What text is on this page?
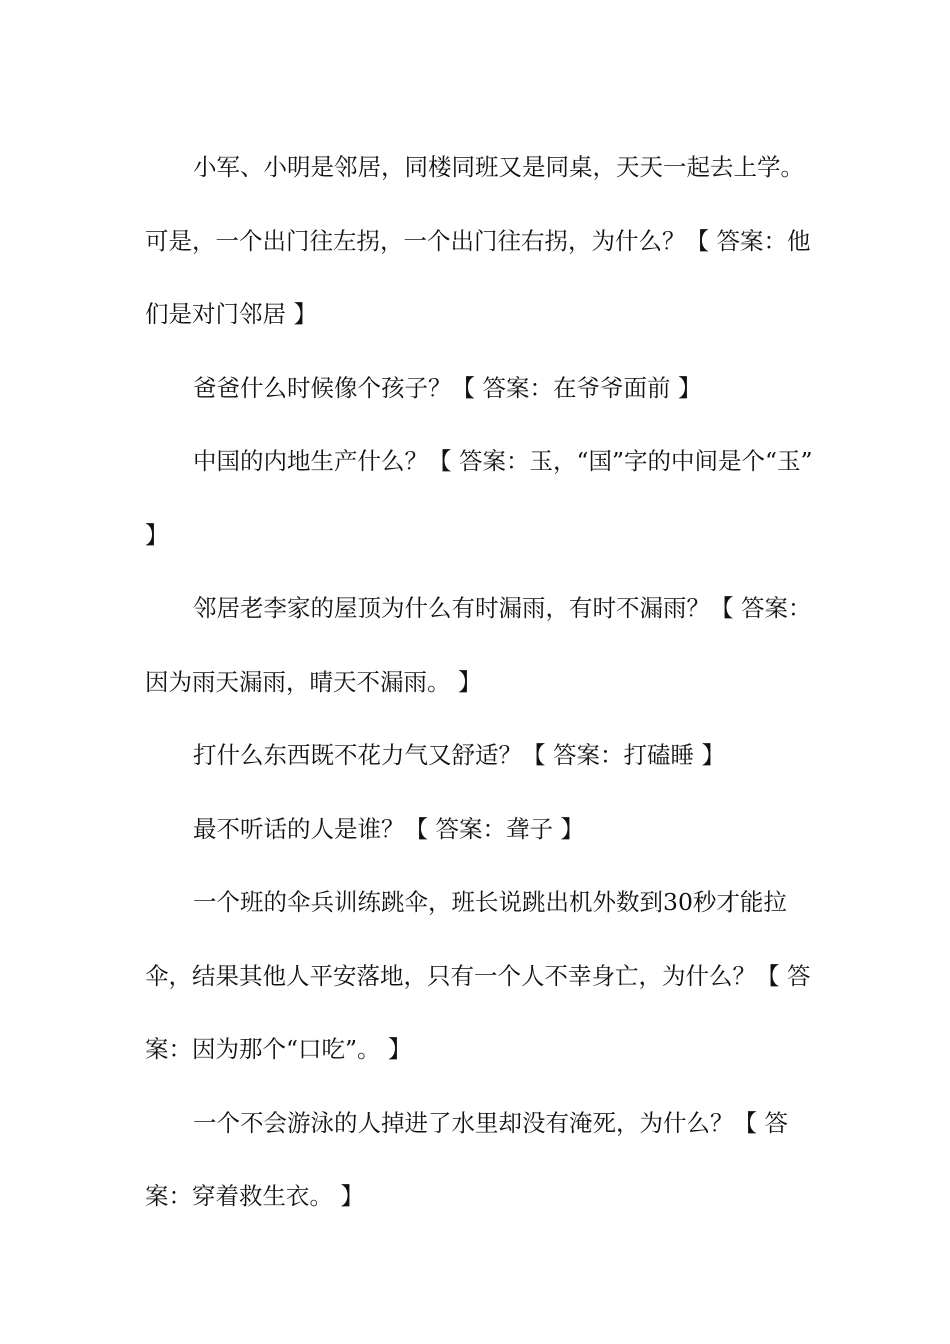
小军、小明是邻居，同楼同班又是同桌，天天一起去上学。可是，一个出门往左拐，一个出门往右拐，为什么？【 答案：他们是对门邻居 】

爸爸什么时候像个孩子？【 答案：在爷爷面前 】

中国的内地生产什么？【 答案：玉，“国”字的中间是个“玉” 】

邻居老李家的屋顶为什么有时漏雨，有时不漏雨？【 答案：因为雨天漏雨，晴天不漏雨。 】

打什么东西既不花力气又舒适？【 答案：打磕睡 】

最不听话的人是谁？【 答案：聋子 】

一个班的伞兵训练跳伞，班长说跳出机外数到30秒才能拉伞，结果其他人平安落地，只有一个人不幸身亡，为什么？【 答案：因为那个“口吃”。 】

一个不会游泳的人掉进了水里却没有淹死，为什么？【 答案：穿着救生衣。 】
